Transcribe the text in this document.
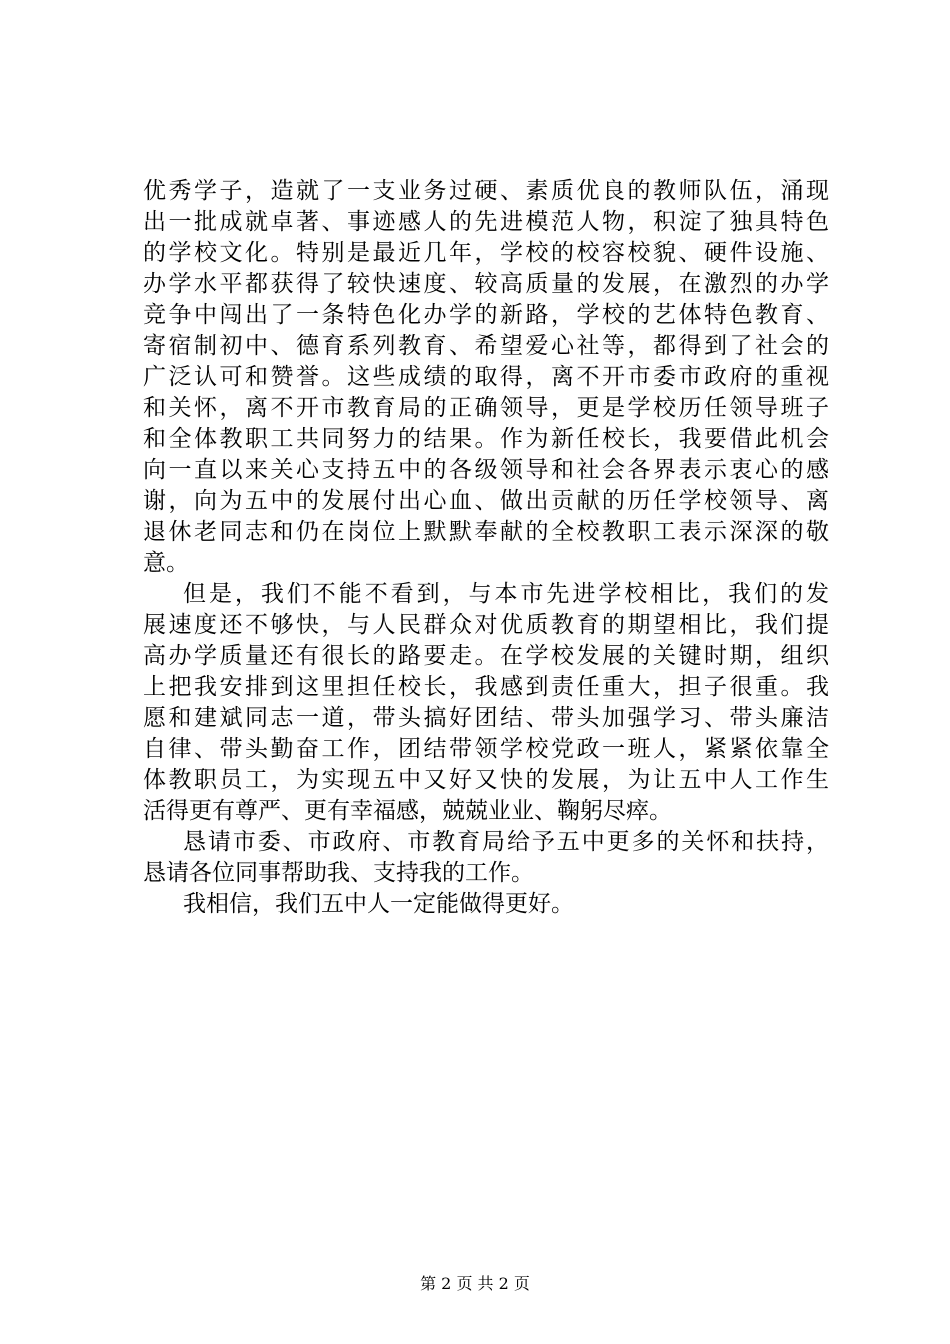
优秀学子，造就了一支业务过硬、素质优良的教师队伍，涌现
出一批成就卓著、事迹感人的先进模范人物，积淀了独具特色
的学校文化。特别是最近几年，学校的校容校貌、硬件设施、
办学水平都获得了较快速度、较高质量的发展，在激烈的办学
竞争中闯出了一条特色化办学的新路，学校的艺体特色教育、
寄宿制初中、德育系列教育、希望爱心社等，都得到了社会的
广泛认可和赞誉。这些成绩的取得，离不开市委市政府的重视
和关怀，离不开市教育局的正确领导，更是学校历任领导班子
和全体教职工共同努力的结果。作为新任校长，我要借此机会
向一直以来关心支持五中的各级领导和社会各界表示衷心的感
谢，向为五中的发展付出心血、做出贡献的历任学校领导、离
退休老同志和仍在岗位上默默奉献的全校教职工表示深深的敬
意。
但是，我们不能不看到，与本市先进学校相比，我们的发
展速度还不够快，与人民群众对优质教育的期望相比，我们提
高办学质量还有很长的路要走。在学校发展的关键时期，组织
上把我安排到这里担任校长，我感到责任重大，担子很重。我
愿和建斌同志一道，带头搞好团结、带头加强学习、带头廉洁
自律、带头勤奋工作，团结带领学校党政一班人，紧紧依靠全
体教职员工，为实现五中又好又快的发展，为让五中人工作生
活得更有尊严、更有幸福感，兢兢业业、鞠躬尽瘁。
恳请市委、市政府、市教育局给予五中更多的关怀和扶持，
恳请各位同事帮助我、支持我的工作。
我相信，我们五中人一定能做得更好。
第 2 页 共 2 页
